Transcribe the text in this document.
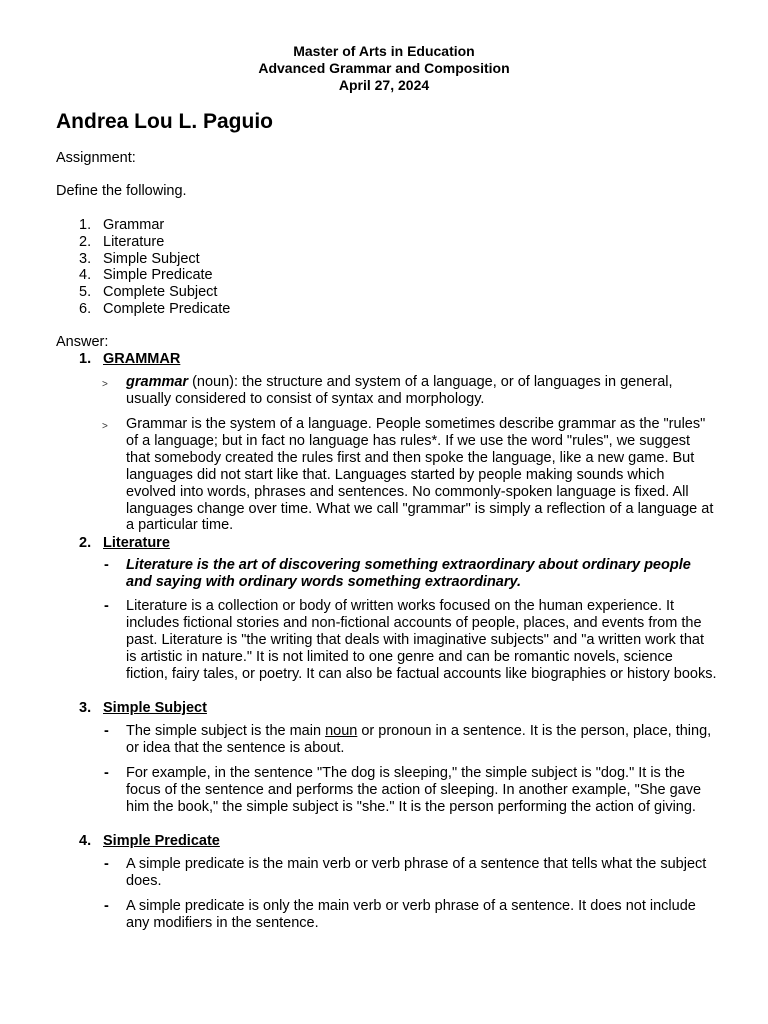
Master of Arts in Education
Advanced Grammar and Composition
April 27, 2024
Andrea Lou L. Paguio
Assignment:
Define the following.
1. Grammar
2. Literature
3. Simple Subject
4. Simple Predicate
5. Complete Subject
6. Complete Predicate
Answer:
1. GRAMMAR
> grammar (noun): the structure and system of a language, or of languages in general, usually considered to consist of syntax and morphology.
> Grammar is the system of a language. People sometimes describe grammar as the "rules" of a language; but in fact no language has rules*. If we use the word "rules", we suggest that somebody created the rules first and then spoke the language, like a new game. But languages did not start like that. Languages started by people making sounds which evolved into words, phrases and sentences. No commonly-spoken language is fixed. All languages change over time. What we call "grammar" is simply a reflection of a language at a particular time.
2. Literature
- Literature is the art of discovering something extraordinary about ordinary people and saying with ordinary words something extraordinary.
- Literature is a collection or body of written works focused on the human experience. It includes fictional stories and non-fictional accounts of people, places, and events from the past. Literature is "the writing that deals with imaginative subjects" and "a written work that is artistic in nature." It is not limited to one genre and can be romantic novels, science fiction, fairy tales, or poetry. It can also be factual accounts like biographies or history books.
3. Simple Subject
- The simple subject is the main noun or pronoun in a sentence. It is the person, place, thing, or idea that the sentence is about.
- For example, in the sentence "The dog is sleeping," the simple subject is "dog." It is the focus of the sentence and performs the action of sleeping. In another example, "She gave him the book," the simple subject is "she." It is the person performing the action of giving.
4. Simple Predicate
- A simple predicate is the main verb or verb phrase of a sentence that tells what the subject does.
- A simple predicate is only the main verb or verb phrase of a sentence. It does not include any modifiers in the sentence.
